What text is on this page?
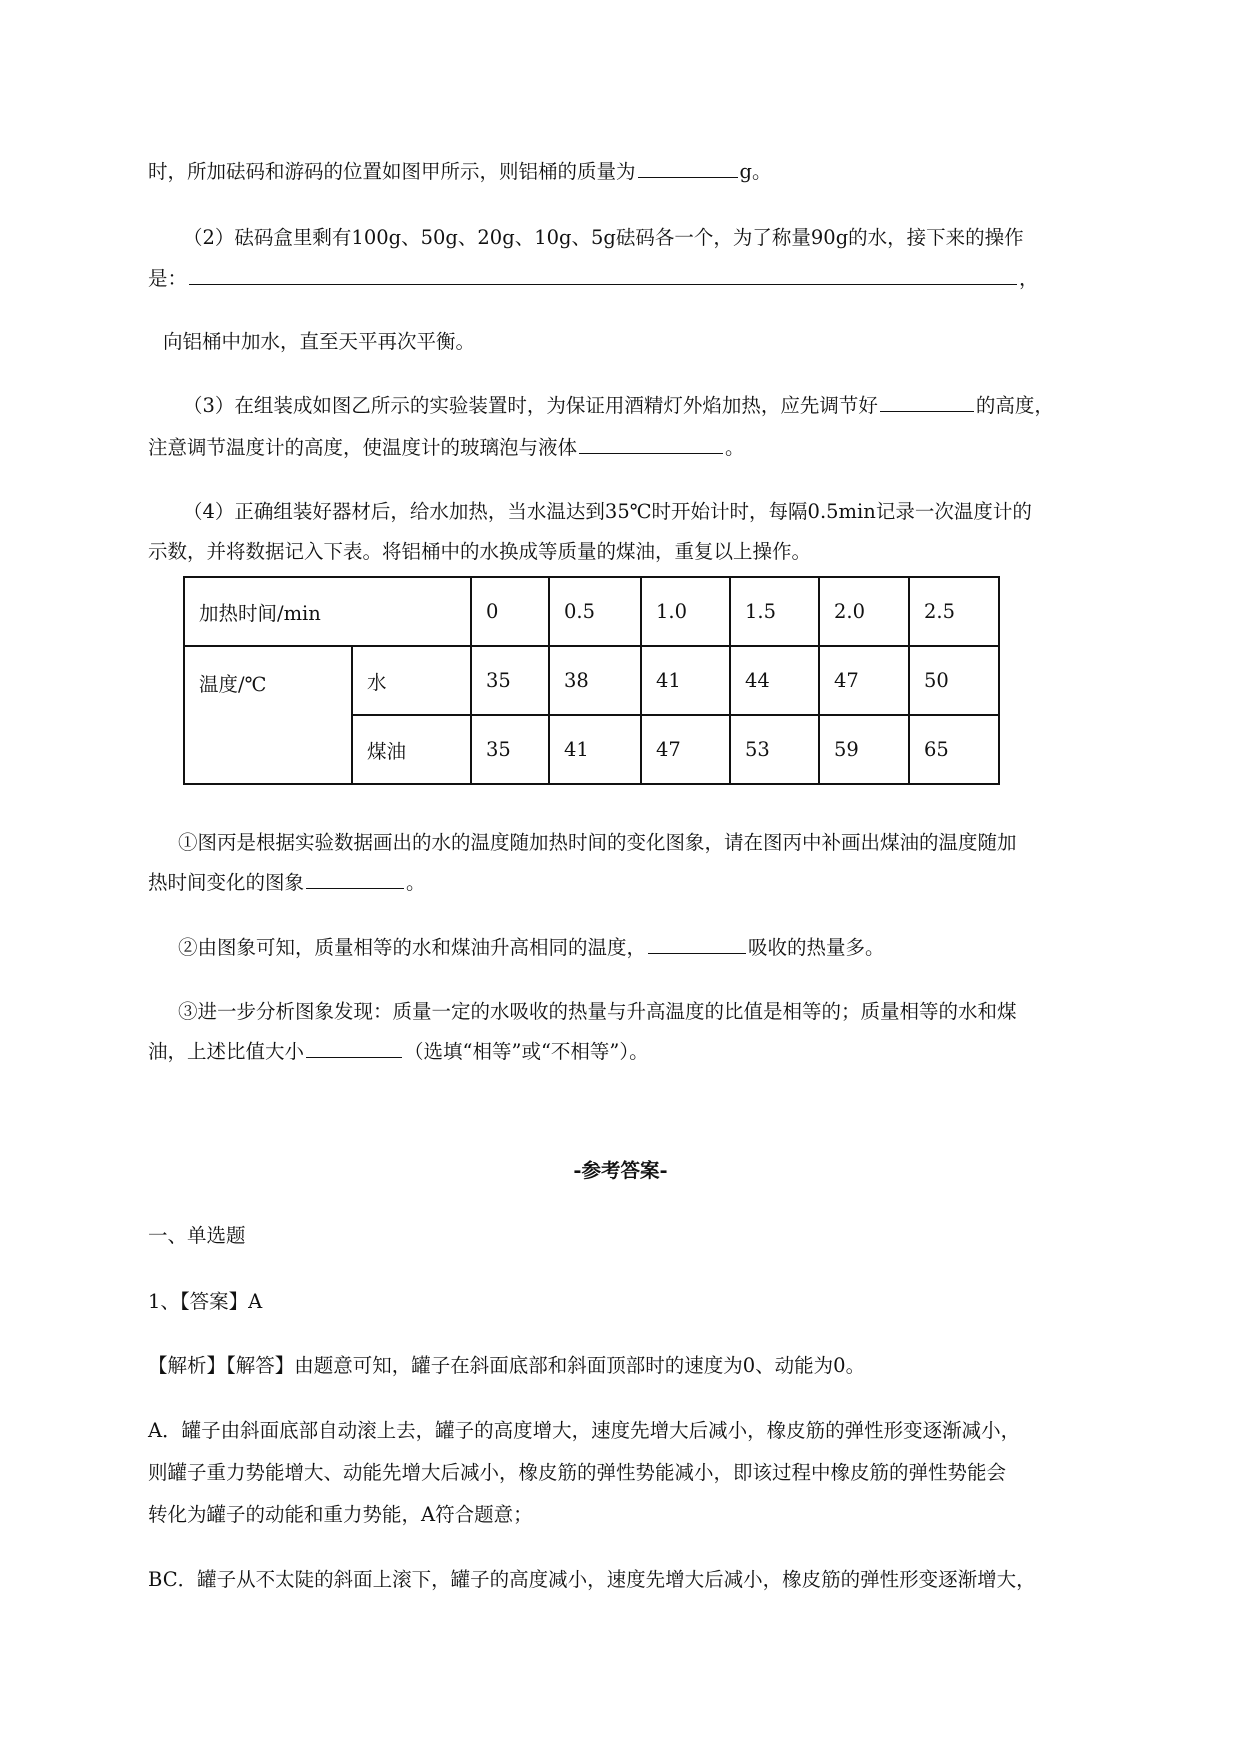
时，所加砝码和游码的位置如图甲所示，则铝桶的质量为	g。
（2）砝码盒里剩有100g、50g、20g、10g、5g砝码各一个，为了称量90g的水，接下来的操作
是：	，
向铝桶中加水，直至天平再次平衡。
（3）在组装成如图乙所示的实验装置时，为保证用酒精灯外焰加热，应先调节好	的高度，
注意调节温度计的高度，使温度计的玻璃泡与液体	。
（4）正确组装好器材后，给水加热，当水温达到35℃时开始计时，每隔0.5min记录一次温度计的
示数，并将数据记入下表。将铝桶中的水换成等质量的煤油，重复以上操作。
加热时间/min		0	0.5	1.0	1.5	2.0	2.5
温度/℃	水	35	38	41	44	47	50
	煤油	35	41	47	53	59	65
①图丙是根据实验数据画出的水的温度随加热时间的变化图象，请在图丙中补画出煤油的温度随加
热时间变化的图象	。
②由图象可知，质量相等的水和煤油升高相同的温度，	吸收的热量多。
③进一步分析图象发现：质量一定的水吸收的热量与升高温度的比值是相等的；质量相等的水和煤
油，上述比值大小	（选填“相等”或“不相等”）。
-参考答案-
一、单选题
1、【答案】A
【解析】【解答】由题意可知，罐子在斜面底部和斜面顶部时的速度为0、动能为0。
A．罐子由斜面底部自动滚上去，罐子的高度增大，速度先增大后减小，橡皮筋的弹性形变逐渐减小，
则罐子重力势能增大、动能先增大后减小，橡皮筋的弹性势能减小，即该过程中橡皮筋的弹性势能会
转化为罐子的动能和重力势能，A符合题意；
BC．罐子从不太陡的斜面上滚下，罐子的高度减小，速度先增大后减小，橡皮筋的弹性形变逐渐增大，
